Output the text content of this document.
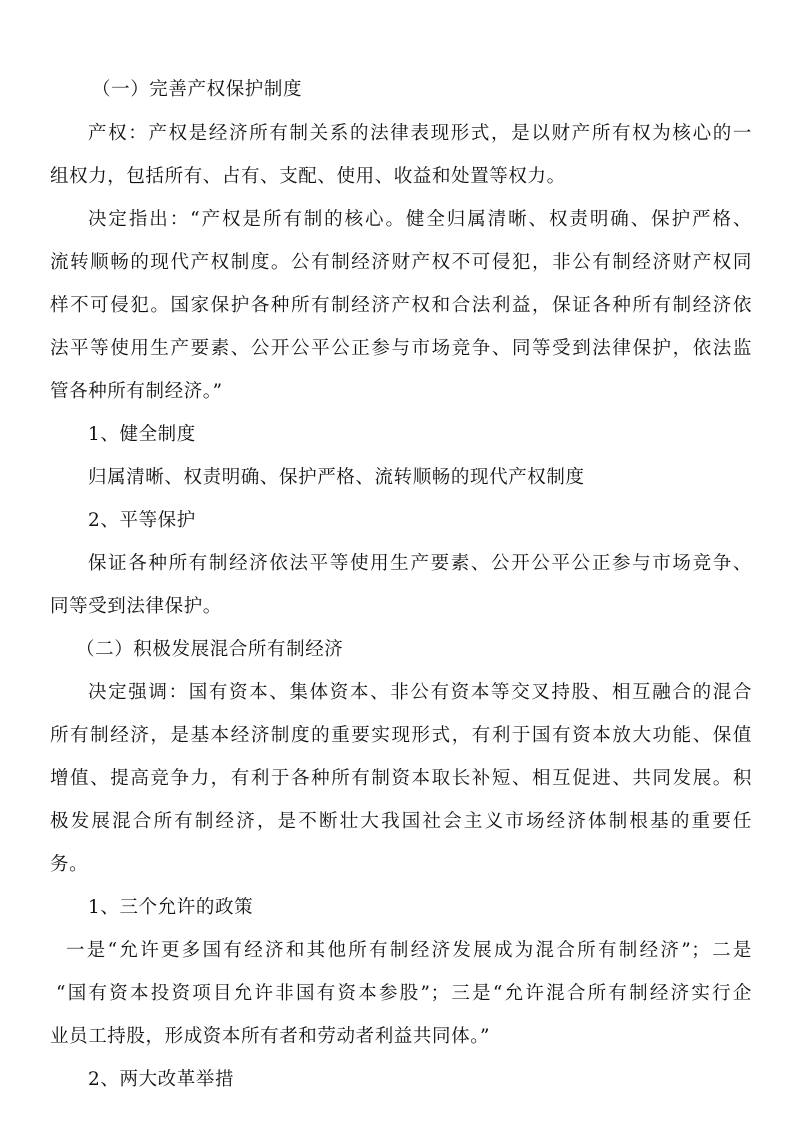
（一）完善产权保护制度
产权：产权是经济所有制关系的法律表现形式，是以财产所有权为核心的一
组权力，包括所有、占有、支配、使用、收益和处置等权力。
决定指出：“产权是所有制的核心。健全归属清晰、权责明确、保护严格、
流转顺畅的现代产权制度。公有制经济财产权不可侵犯，非公有制经济财产权同
样不可侵犯。国家保护各种所有制经济产权和合法利益，保证各种所有制经济依
法平等使用生产要素、公开公平公正参与市场竞争、同等受到法律保护，依法监
管各种所有制经济。”
1、健全制度
归属清晰、权责明确、保护严格、流转顺畅的现代产权制度
2、平等保护
保证各种所有制经济依法平等使用生产要素、公开公平公正参与市场竞争、
同等受到法律保护。
（二）积极发展混合所有制经济
决定强调：国有资本、集体资本、非公有资本等交叉持股、相互融合的混合
所有制经济，是基本经济制度的重要实现形式，有利于国有资本放大功能、保值
增值、提高竞争力，有利于各种所有制资本取长补短、相互促进、共同发展。积
极发展混合所有制经济，是不断壮大我国社会主义市场经济体制根基的重要任
务。
1、三个允许的政策
一是“允许更多国有经济和其他所有制经济发展成为混合所有制经济”；二是
“国有资本投资项目允许非国有资本参股”；三是“允许混合所有制经济实行企
业员工持股，形成资本所有者和劳动者利益共同体。”
2、两大改革举措
